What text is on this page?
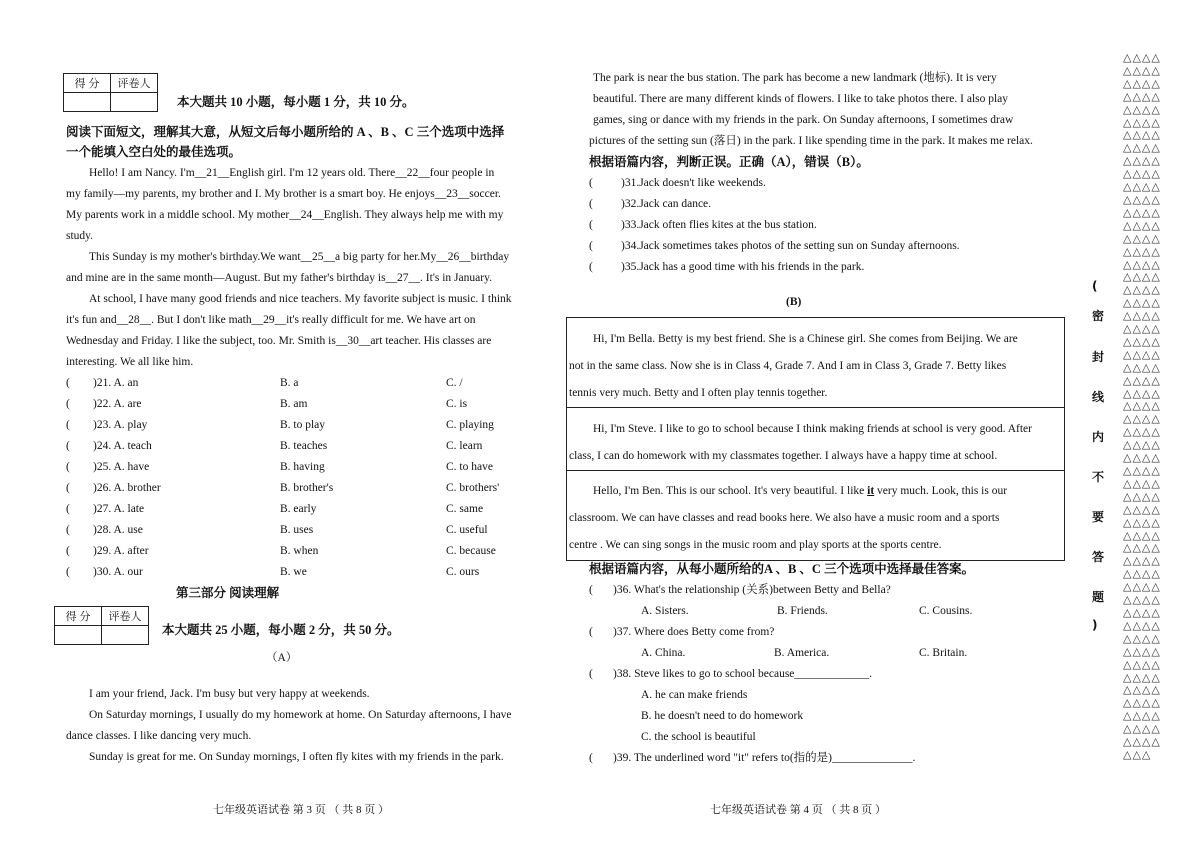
得 分	评卷人

本大题共 10 小题，每小题 1 分，共 10 分。
阅读下面短文，理解其大意，从短文后每小题所给的 A 、B 、C 三个选项中选择
一个能填入空白处的最佳选项。
Hello! I am Nancy. I'm__21__English girl. I'm 12 years old. There__22__four people in
my family—my parents, my brother and I. My brother is a smart boy. He enjoys__23__soccer.
My parents work in a middle school. My mother__24__English. They always help me with my
study.
This Sunday is my mother's birthday.We want__25__a big party for her.My__26__birthday
and mine are in the same month—August. But my father's birthday is__27__. It's in January.
At school, I have many good friends and nice teachers. My favorite subject is music. I think
it's fun and__28__. But I don't like math__29__it's really difficult for me. We have art on
Wednesday and Friday. I like the subject, too. Mr. Smith is__30__art teacher. His classes are
interesting. We all like him.
( )21. A. an	B. a	C. /
( )22. A. are	B. am	C. is
( )23. A. play	B. to play	C. playing
( )24. A. teach	B. teaches	C. learn
( )25. A. have	B. having	C. to have
( )26. A. brother	B. brother's	C. brothers'
( )27. A. late	B. early	C. same
( )28. A. use	B. uses	C. useful
( )29. A. after	B. when	C. because
( )30. A. our	B. we	C. ours
第三部分 阅读理解
得 分	评卷人

本大题共 25 小题，每小题 2 分，共 50 分。
（A）
I am your friend, Jack. I'm busy but very happy at weekends.
On Saturday mornings, I usually do my homework at home. On Saturday afternoons, I have
dance classes. I like dancing very much.
Sunday is great for me. On Sunday mornings, I often fly kites with my friends in the park.
七年级英语试卷 第 3 页 （ 共 8 页 ）
The park is near the bus station. The park has become a new landmark (地标). It is very
beautiful. There are many different kinds of flowers. I like to take photos there. I also play
games, sing or dance with my friends in the park. On Sunday afternoons, I sometimes draw
pictures of the setting sun (落日) in the park. I like spending time in the park. It makes me relax.
根据语篇内容，判断正误。正确（A），错误（B）。
( )31.Jack doesn't like weekends.
( )32.Jack can dance.
( )33.Jack often flies kites at the bus station.
( )34.Jack sometimes takes photos of the setting sun on Sunday afternoons.
( )35.Jack has a good time with his friends in the park.
(B)
Hi, I'm Bella. Betty is my best friend. She is a Chinese girl. She comes from Beijing. We are
not in the same class. Now she is in Class 4, Grade 7. And I am in Class 3, Grade 7. Betty likes
tennis very much. Betty and I often play tennis together.
Hi, I'm Steve. I like to go to school because I think making friends at school is very good. After
class, I can do homework with my classmates together. I always have a happy time at school.
Hello, I'm Ben. This is our school. It's very beautiful. I like it very much. Look, this is our
classroom. We can have classes and read books here. We also have a music room and a sports
centre . We can sing songs in the music room and play sports at the sports centre.
根据语篇内容，从每小题所给的A 、B 、C 三个选项中选择最佳答案。
( )36. What's the relationship (关系)between Betty and Bella?
A. Sisters.	B. Friends.	C. Cousins.
( )37. Where does Betty come from?
A. China.	B. America.	C. Britain.
( )38. Steve likes to go to school because_____________.
A. he can make friends
B. he doesn't need to do homework
C. the school is beautiful
( )39. The underlined word "it" refers to(指的是)______________.
七年级英语试卷 第 4 页 （ 共 8 页 ）
(
密
封
线
内
不
要
答
题
)
△△△△
△△△△
△△△△
△△△△
△△△△
△△△△
△△△△
△△△△
△△△△
△△△△
△△△△
△△△△
△△△△
△△△△
△△△△
△△△△
△△△△
△△△△
△△△△
△△△△
△△△△
△△△△
△△△△
△△△△
△△△△
△△△△
△△△△
△△△△
△△△△
△△△△
△△△△
△△△△
△△△△
△△△△
△△△△
△△△△
△△△△
△△△△
△△△△
△△△△
△△△△
△△△△
△△△△
△△△△
△△△△
△△△△
△△△△
△△△△
△△△△
△△△△
△△△△
△△△△
△△△△
△△△△
△△△
